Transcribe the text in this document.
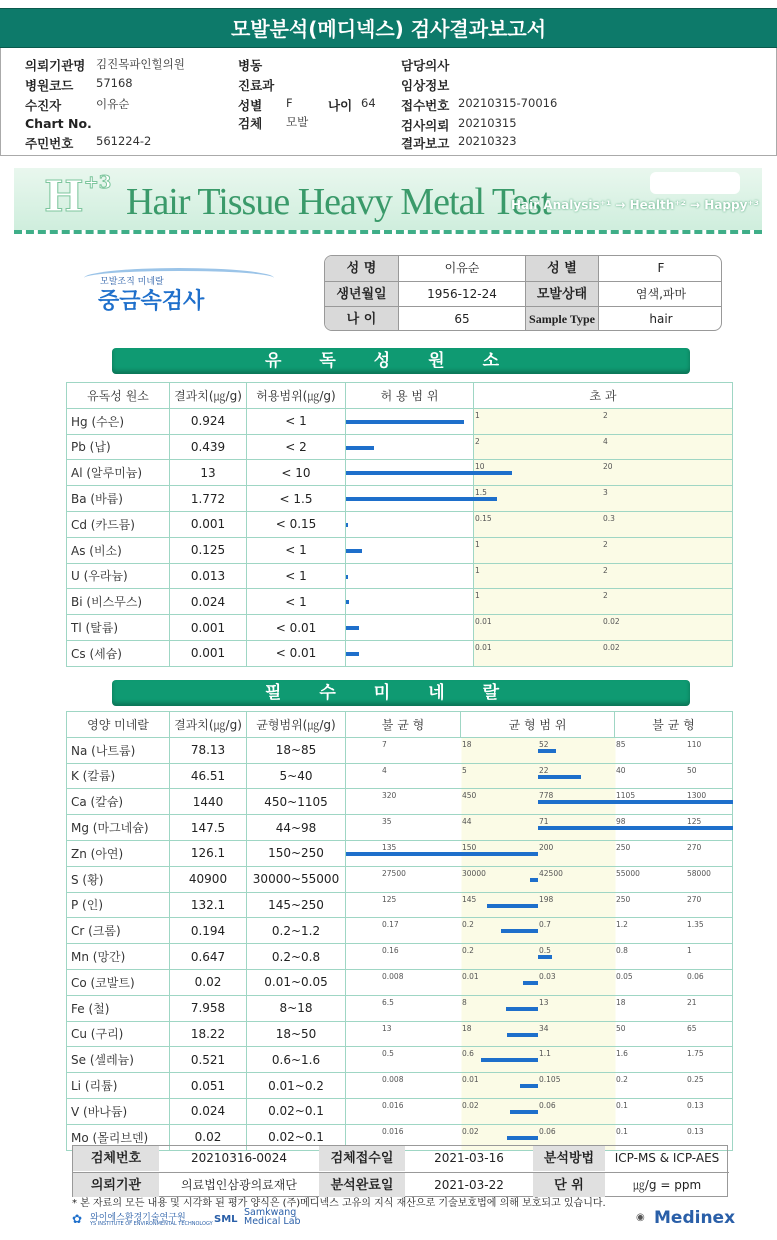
모발분석(메디넥스) 검사결과보고서
의뢰기관명 김진목파인힐의원
병원코드 57168
수진자	이유순
Chart No.
주민번호 561224-2
병동
진료과
성별 F	나이 64
검체 모발
담당의사
임상정보
접수번호 20210315-70016
검사의뢰 20210315
결과보고 20210323
$H^{+3}$ Hair Tissue Heavy Metal Test
Hair Analysis⁺¹ → Health⁺² → Happy⁺³
모발조직 미네랄
중금속검사
성 명	이유순	성 별	F
생년월일	1956-12-24	모발상태	염색,파마
나 이	65	Sample Type	hair
유독성원소
유독성 원소	결과치(㎍/g)	허용범위(㎍/g)	허 용 범 위	초 과
Hg (수은)	0.924	< 1		1 2

Pb (납)	0.439	< 2		2 4

Al (알루미늄)	13	< 10		10 20

Ba (바륨)	1.772	< 1.5		1.5 3

Cd (카드뮴)	0.001	< 0.15		0.15 0.3

As (비소)	0.125	< 1		1 2

U (우라늄)	0.013	< 1		1 2

Bi (비스무스)	0.024	< 1		1 2

Tl (탈륨)	0.001	< 0.01		0.01 0.02

Cs (세슘)	0.001	< 0.01		0.01 0.02
필수미네랄
영양 미네랄	결과치(㎍/g)	균형범위(㎍/g)	불 균 형	균 형 범 위	불 균 형
Na (나트륨)	78.13	18~85	7 18 52 85 110		

K (칼륨)	46.51	5~40	4 5 22 40 50		

Ca (칼슘)	1440	450~1105	320 450 778 1105 1300		

Mg (마그네슘)	147.5	44~98	35 44 71 98 125		

Zn (아연)	126.1	150~250	135 150 200 250 270		

S (황)	40900	30000~55000	27500 30000 42500 55000 58000		

P (인)	132.1	145~250	125 145 198 250 270		

Cr (크롬)	0.194	0.2~1.2	0.17 0.2 0.7 1.2 1.35		

Mn (망간)	0.647	0.2~0.8	0.16 0.2 0.5 0.8 1		

Co (코발트)	0.02	0.01~0.05	0.008 0.01 0.03 0.05 0.06		

Fe (철)	7.958	8~18	6.5 8 13 18 21		

Cu (구리)	18.22	18~50	13 18 34 50 65		

Se (셀레늄)	0.521	0.6~1.6	0.5 0.6 1.1 1.6 1.75		

Li (리튬)	0.051	0.01~0.2	0.008 0.01 0.105 0.2 0.25		

V (바나듐)	0.024	0.02~0.1	0.016 0.02 0.06 0.1 0.13		

Mo (몰리브덴)	0.02	0.02~0.1	0.016 0.02 0.06 0.1 0.13		
검체번호	20210316-0024	검체접수일	2021-03-16	분석방법	ICP-MS & ICP-AES
의뢰기관	의료법인삼광의료재단	분석완료일	2021-03-22	단 위	㎍/g = ppm
* 본 자료의 모든 내용 및 시각화 된 평가 양식은 (주)메디넥스 고유의 지식 재산으로 기술보호법에 의해 보호되고 있습니다.
✿ 와이에스환경기술연구원
YS INSTITUTE OF ENVIRONMENTAL TECHNOLOGY SML
Samkwang Medical Lab	◉ Medinex
